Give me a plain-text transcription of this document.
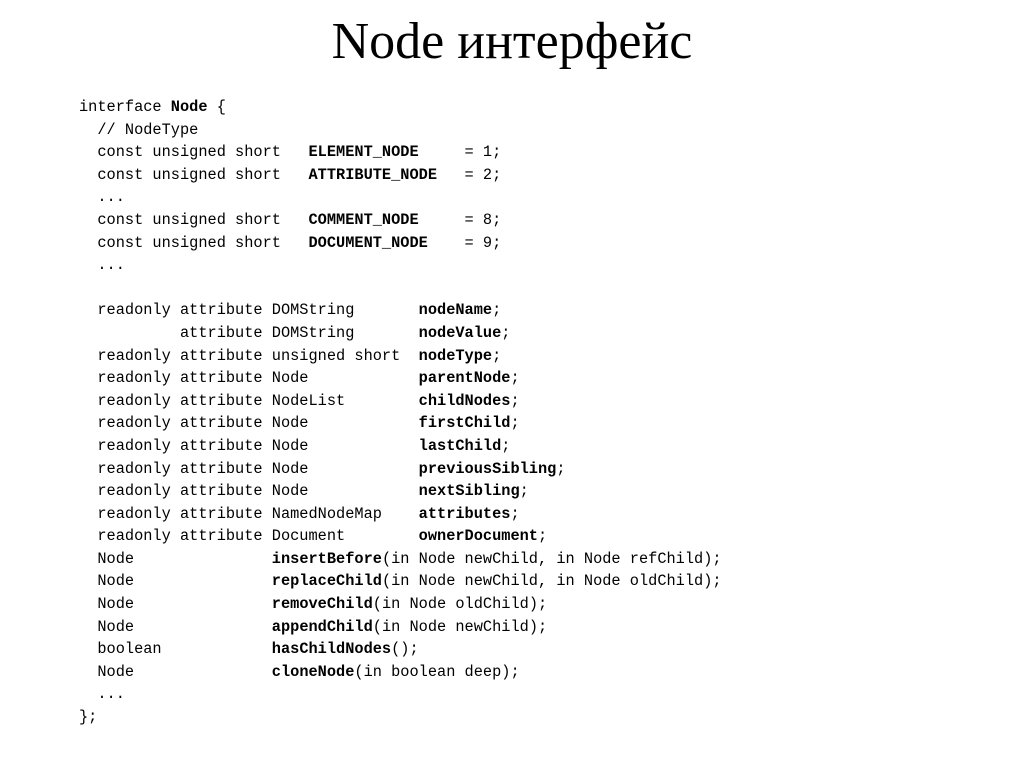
Node интерфейс
interface Node {
// NodeType
const unsigned short   ELEMENT_NODE     = 1;
const unsigned short   ATTRIBUTE_NODE   = 2;
...
const unsigned short   COMMENT_NODE     = 8;
const unsigned short   DOCUMENT_NODE    = 9;
...

readonly attribute DOMString       nodeName;
attribute DOMString       nodeValue;
readonly attribute unsigned short  nodeType;
readonly attribute Node            parentNode;
readonly attribute NodeList        childNodes;
readonly attribute Node            firstChild;
readonly attribute Node            lastChild;
readonly attribute Node            previousSibling;
readonly attribute Node            nextSibling;
readonly attribute NamedNodeMap    attributes;
readonly attribute Document        ownerDocument;
Node               insertBefore(in Node newChild, in Node refChild);
Node               replaceChild(in Node newChild, in Node oldChild);
Node               removeChild(in Node oldChild);
Node               appendChild(in Node newChild);
boolean            hasChildNodes();
Node               cloneNode(in boolean deep);
...
};
